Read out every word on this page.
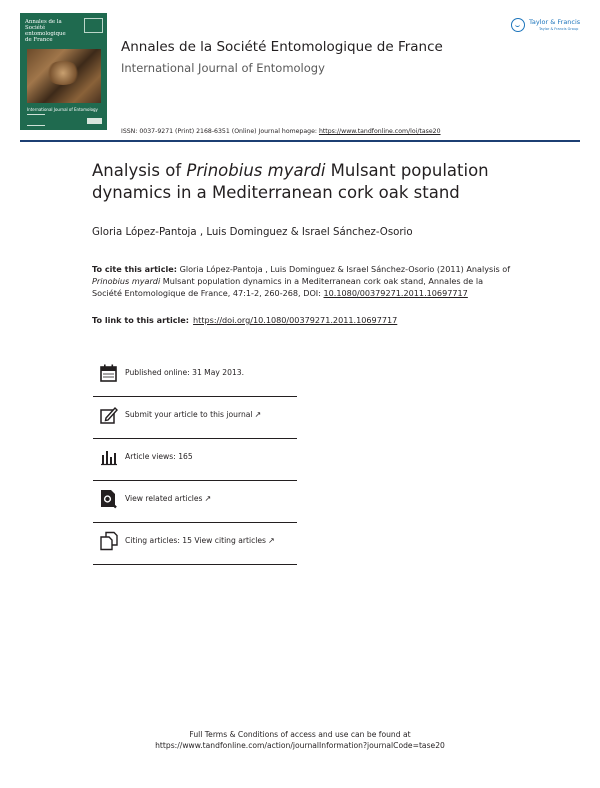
Annales de la
Société entomologique
de France
International Journal of Entomology
Annales de la Société Entomologique de France
International Journal of Entomology
Taylor & Francis
Taylor & Francis Group
ISSN: 0037-9271 (Print) 2168-6351 (Online) Journal homepage: https://www.tandfonline.com/loi/tase20
Analysis of Prinobius myardi Mulsant population dynamics in a Mediterranean cork oak stand
Gloria López-Pantoja , Luis Dominguez & Israel Sánchez-Osorio
To cite this article: Gloria López-Pantoja , Luis Dominguez & Israel Sánchez-Osorio (2011) Analysis of Prinobius myardi Mulsant population dynamics in a Mediterranean cork oak stand, Annales de la Société Entomologique de France, 47:1-2, 260-268, DOI: 10.1080/00379271.2011.10697717
To link to this article: https://doi.org/10.1080/00379271.2011.10697717
Published online: 31 May 2013.
Submit your article to this journal ↗
Article views: 165
View related articles ↗
Citing articles: 15 View citing articles ↗
Full Terms & Conditions of access and use can be found at
https://www.tandfonline.com/action/journalInformation?journalCode=tase20
